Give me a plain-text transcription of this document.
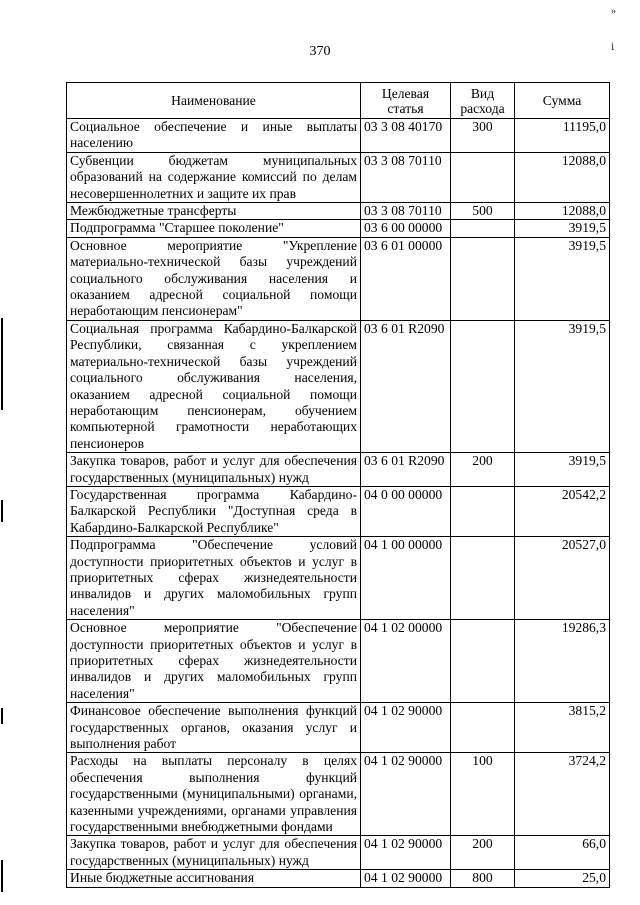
»
ⅰ
370
Наименование	Целевая статья	Вид расхода	Сумма
Социальное обеспечение и иные выплаты населению	03 3 08 40170	300	11195,0
Субвенции бюджетам муниципальных образований на содержание комиссий по делам несовершеннолетних и защите их прав	03 3 08 70110		12088,0
Межбюджетные трансферты	03 3 08 70110	500	12088,0
Подпрограмма "Старшее поколение"	03 6 00 00000		3919,5
Основное мероприятие "Укрепление материально-технической базы учреждений социального обслуживания населения и оказанием адресной социальной помощи неработающим пенсионерам"	03 6 01 00000		3919,5
Социальная программа Кабардино-Балкарской Республики, связанная с укреплением материально-технической базы учреждений социального обслуживания населения, оказанием адресной социальной помощи неработающим пенсионерам, обучением компьютерной грамотности неработающих пенсионеров	03 6 01 R2090		3919,5
Закупка товаров, работ и услуг для обеспечения государственных (муниципальных) нужд	03 6 01 R2090	200	3919,5
Государственная программа Кабардино-Балкарской Республики "Доступная среда в Кабардино-Балкарской Республике"	04 0 00 00000		20542,2
Подпрограмма "Обеспечение условий доступности приоритетных объектов и услуг в приоритетных сферах жизнедеятельности инвалидов и других маломобильных групп населения"	04 1 00 00000		20527,0
Основное мероприятие "Обеспечение доступности приоритетных объектов и услуг в приоритетных сферах жизнедеятельности инвалидов и других маломобильных групп населения"	04 1 02 00000		19286,3
Финансовое обеспечение выполнения функций государственных органов, оказания услуг и выполнения работ	04 1 02 90000		3815,2
Расходы на выплаты персоналу в целях обеспечения выполнения функций государственными (муниципальными) органами, казенными учреждениями, органами управления государственными внебюджетными фондами	04 1 02 90000	100	3724,2
Закупка товаров, работ и услуг для обеспечения государственных (муниципальных) нужд	04 1 02 90000	200	66,0
Иные бюджетные ассигнования	04 1 02 90000	800	25,0
